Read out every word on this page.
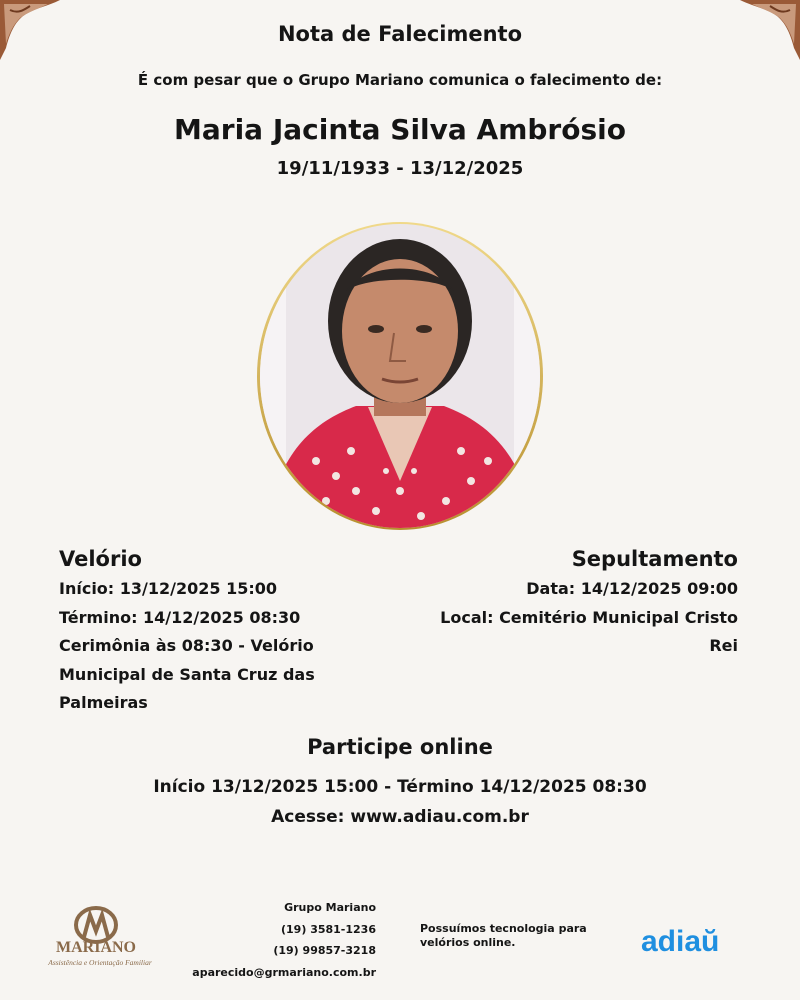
Nota de Falecimento
É com pesar que o Grupo Mariano comunica o falecimento de:
Maria Jacinta Silva Ambrósio
19/11/1933 - 13/12/2025
Velório
Início: 13/12/2025 15:00
Término: 14/12/2025 08:30
Cerimônia às 08:30 - Velório
Municipal de Santa Cruz das
Palmeiras
Sepultamento
Data: 14/12/2025 09:00
Local: Cemitério Municipal Cristo
Rei
Participe online
Início 13/12/2025 15:00 - Término 14/12/2025 08:30
Acesse: www.adiau.com.br
MARIANO
Assistência e Orientação Familiar
Grupo Mariano
(19) 3581-1236
(19) 99857-3218
aparecido@grmariano.com.br
Possuímos tecnologia para velórios online.	adiaŭ
